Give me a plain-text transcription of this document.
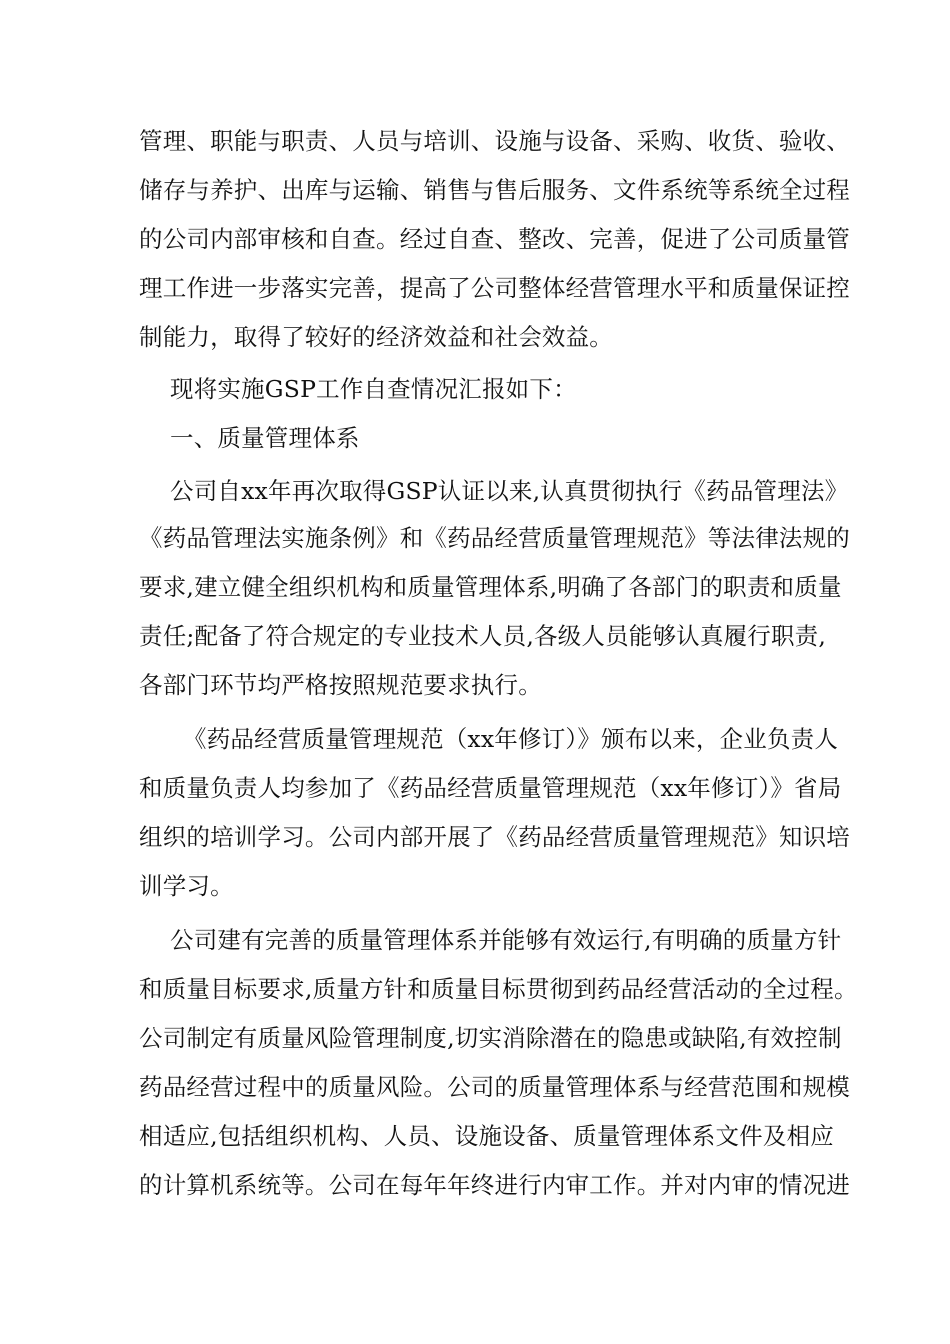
管理、职能与职责、人员与培训、设施与设备、采购、收货、验收、
储存与养护、出库与运输、销售与售后服务、文件系统等系统全过程
的公司内部审核和自查。经过自查、整改、完善，促进了公司质量管
理工作进一步落实完善，提高了公司整体经营管理水平和质量保证控
制能力，取得了较好的经济效益和社会效益。
现将实施GSP工作自查情况汇报如下：
一、质量管理体系
公司自xx年再次取得GSP认证以来,认真贯彻执行《药品管理法》
《药品管理法实施条例》和《药品经营质量管理规范》等法律法规的
要求,建立健全组织机构和质量管理体系,明确了各部门的职责和质量
责任;配备了符合规定的专业技术人员,各级人员能够认真履行职责,
各部门环节均严格按照规范要求执行。
《药品经营质量管理规范（xx年修订）》颁布以来，企业负责人
和质量负责人均参加了《药品经营质量管理规范（xx年修订）》省局
组织的培训学习。公司内部开展了《药品经营质量管理规范》知识培
训学习。
公司建有完善的质量管理体系并能够有效运行,有明确的质量方针
和质量目标要求,质量方针和质量目标贯彻到药品经营活动的全过程。
公司制定有质量风险管理制度,切实消除潜在的隐患或缺陷,有效控制
药品经营过程中的质量风险。公司的质量管理体系与经营范围和规模
相适应,包括组织机构、人员、设施设备、质量管理体系文件及相应
的计算机系统等。公司在每年年终进行内审工作。并对内审的情况进
